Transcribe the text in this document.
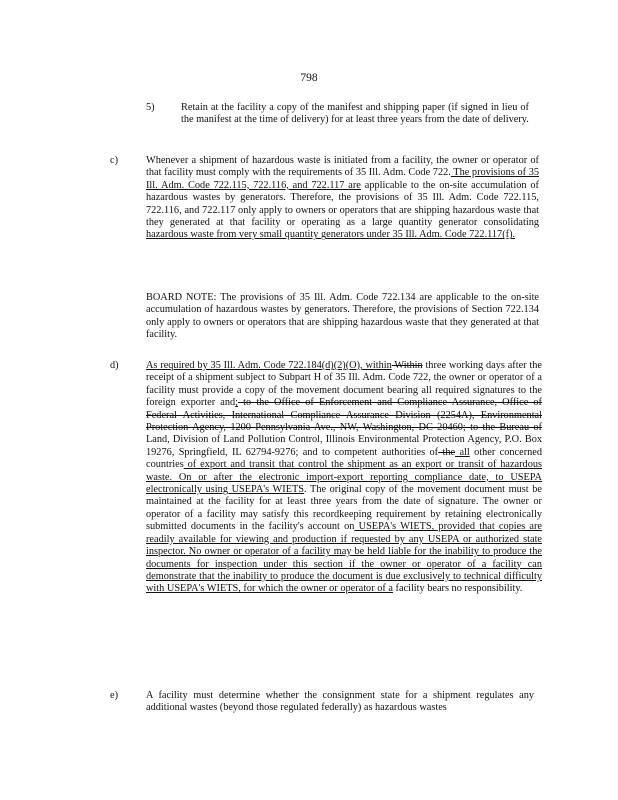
798
5)	Retain at the facility a copy of the manifest and shipping paper (if signed in lieu of the manifest at the time of delivery) for at least three years from the date of delivery.
c)	Whenever a shipment of hazardous waste is initiated from a facility, the owner or operator of that facility must comply with the requirements of 35 Ill. Adm. Code 722. The provisions of 35 Ill. Adm. Code 722.115, 722.116, and 722.117 are applicable to the on-site accumulation of hazardous wastes by generators. Therefore, the provisions of 35 Ill. Adm. Code 722.115, 722.116, and 722.117 only apply to owners or operators that are shipping hazardous waste that they generated at that facility or operating as a large quantity generator consolidating hazardous waste from very small quantity generators under 35 Ill. Adm. Code 722.117(f).
BOARD NOTE: The provisions of 35 Ill. Adm. Code 722.134 are applicable to the on-site accumulation of hazardous wastes by generators. Therefore, the provisions of Section 722.134 only apply to owners or operators that are shipping hazardous waste that they generated at that facility.
d)	As required by 35 Ill. Adm. Code 722.184(d)(2)(O), within Within three working days after the receipt of a shipment subject to Subpart H of 35 Ill. Adm. Code 722, the owner or operator of a facility must provide a copy of the movement document bearing all required signatures to the foreign exporter and; to the Office of Enforcement and Compliance Assurance, Office of Federal Activities, International Compliance Assurance Division (2254A), Environmental Protection Agency, 1200 Pennsylvania Ave., NW, Washington, DC 20460; to the Bureau of Land, Division of Land Pollution Control, Illinois Environmental Protection Agency, P.O. Box 19276, Springfield, IL 62794-9276; and to competent authorities of the all other concerned countries of export and transit that control the shipment as an export or transit of hazardous waste. On or after the electronic import-export reporting compliance date, to USEPA electronically using USEPA's WIETS. The original copy of the movement document must be maintained at the facility for at least three years from the date of signature. The owner or operator of a facility may satisfy this recordkeeping requirement by retaining electronically submitted documents in the facility's account on USEPA's WIETS, provided that copies are readily available for viewing and production if requested by any USEPA or authorized state inspector. No owner or operator of a facility may be held liable for the inability to produce the documents for inspection under this section if the owner or operator of a facility can demonstrate that the inability to produce the document is due exclusively to technical difficulty with USEPA's WIETS, for which the owner or operator of a facility bears no responsibility.
e)	A facility must determine whether the consignment state for a shipment regulates any additional wastes (beyond those regulated federally) as hazardous wastes
